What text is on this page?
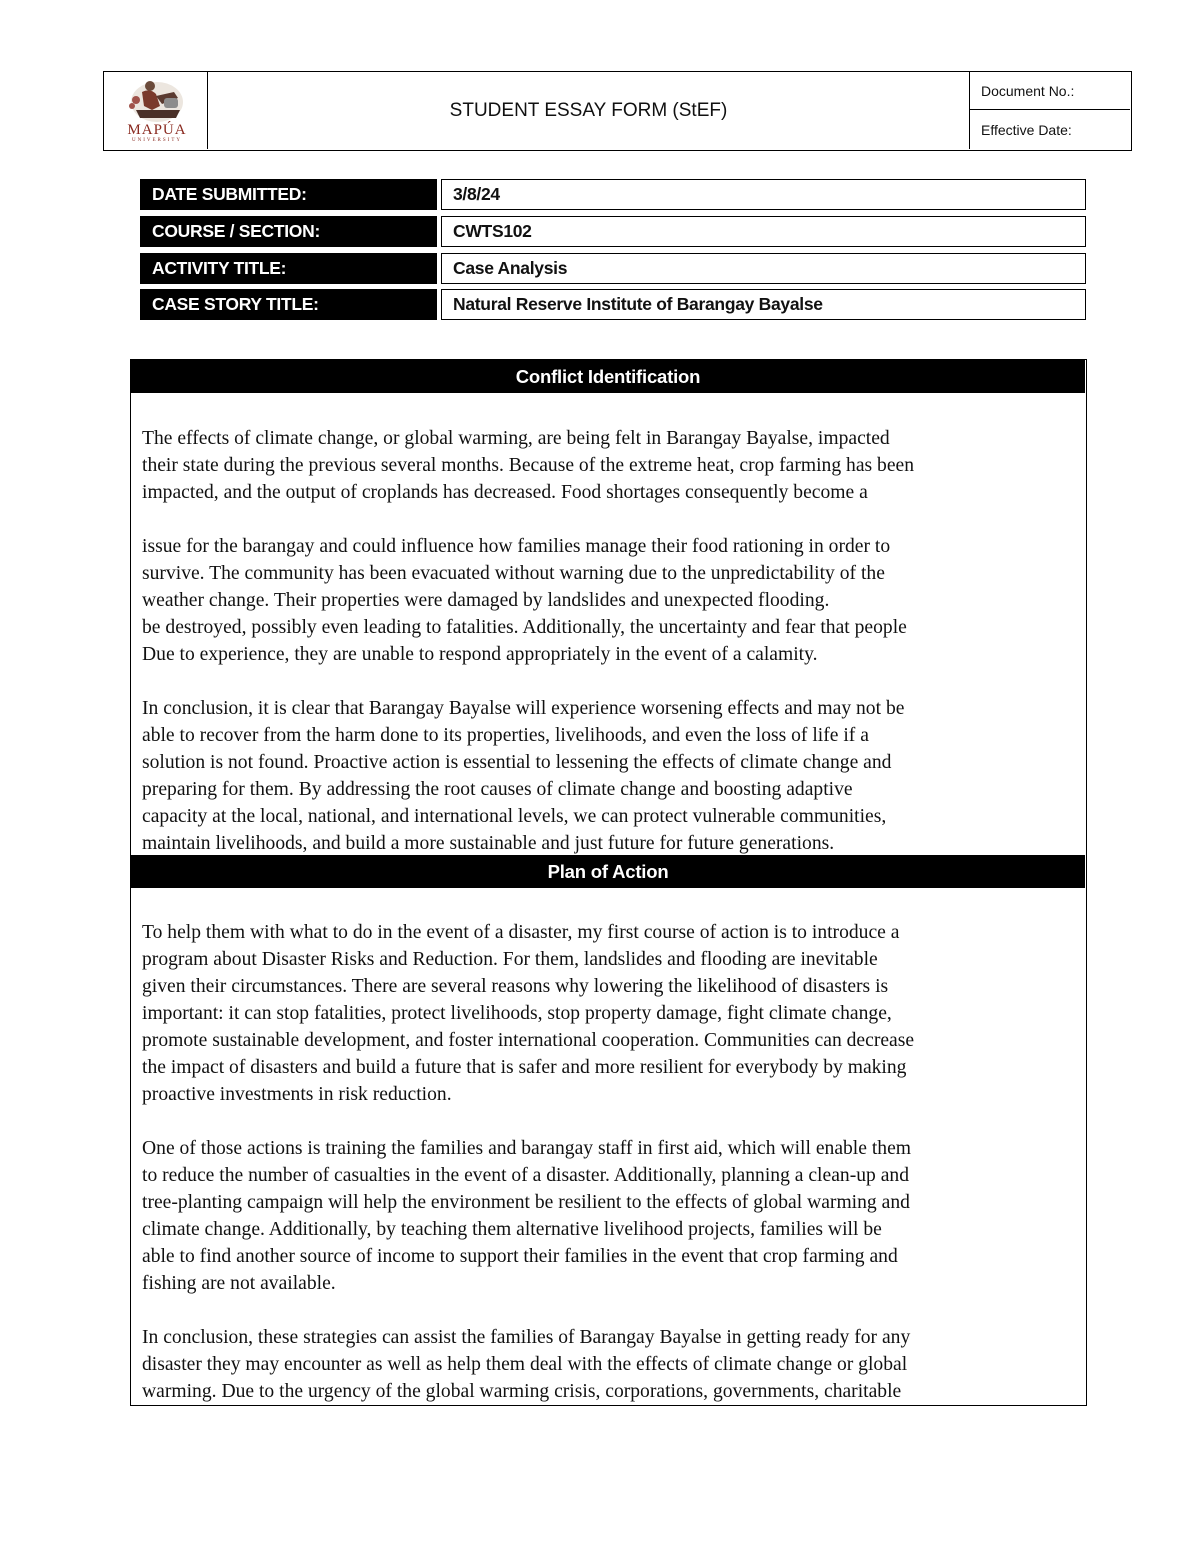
MAPÚA
UNIVERSITY
STUDENT ESSAY FORM (StEF)
Document No.:
Effective Date:
DATE SUBMITTED:	3/8/24
COURSE / SECTION:	CWTS102
ACTIVITY TITLE:	Case Analysis
CASE STORY TITLE:	Natural Reserve Institute of Barangay Bayalse
Conflict Identification

The effects of climate change, or global warming, are being felt in Barangay Bayalse, impacted
their state during the previous several months. Because of the extreme heat, crop farming has been
impacted, and the output of croplands has decreased. Food shortages consequently become a

issue for the barangay and could influence how families manage their food rationing in order to
survive. The community has been evacuated without warning due to the unpredictability of the
weather change. Their properties were damaged by landslides and unexpected flooding.
be destroyed, possibly even leading to fatalities. Additionally, the uncertainty and fear that people
Due to experience, they are unable to respond appropriately in the event of a calamity.

In conclusion, it is clear that Barangay Bayalse will experience worsening effects and may not be
able to recover from the harm done to its properties, livelihoods, and even the loss of life if a
solution is not found. Proactive action is essential to lessening the effects of climate change and
preparing for them. By addressing the root causes of climate change and boosting adaptive
capacity at the local, national, and international levels, we can protect vulnerable communities,
maintain livelihoods, and build a more sustainable and just future for future generations.

Plan of Action

To help them with what to do in the event of a disaster, my first course of action is to introduce a
program about Disaster Risks and Reduction. For them, landslides and flooding are inevitable
given their circumstances. There are several reasons why lowering the likelihood of disasters is
important: it can stop fatalities, protect livelihoods, stop property damage, fight climate change,
promote sustainable development, and foster international cooperation. Communities can decrease
the impact of disasters and build a future that is safer and more resilient for everybody by making
proactive investments in risk reduction.

One of those actions is training the families and barangay staff in first aid, which will enable them
to reduce the number of casualties in the event of a disaster. Additionally, planning a clean-up and
tree-planting campaign will help the environment be resilient to the effects of global warming and
climate change. Additionally, by teaching them alternative livelihood projects, families will be
able to find another source of income to support their families in the event that crop farming and
fishing are not available.

In conclusion, these strategies can assist the families of Barangay Bayalse in getting ready for any
disaster they may encounter as well as help them deal with the effects of climate change or global
warming. Due to the urgency of the global warming crisis, corporations, governments, charitable
